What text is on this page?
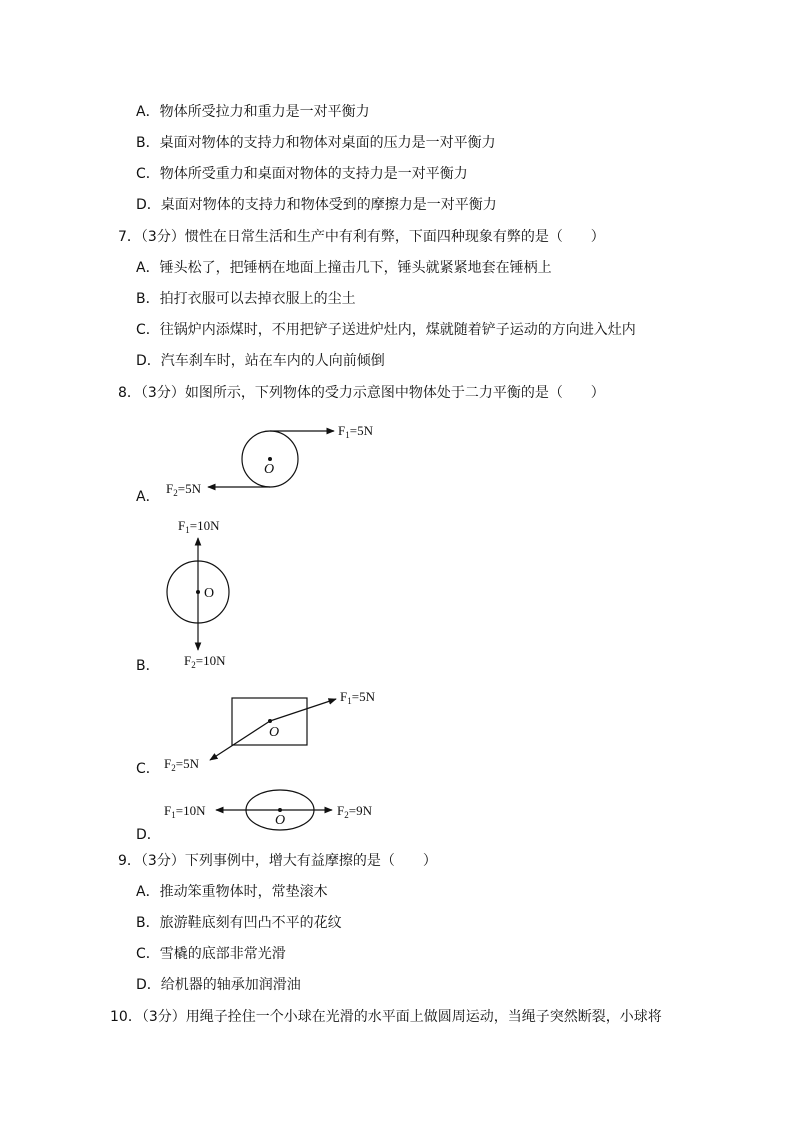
A．物体所受拉力和重力是一对平衡力
B．桌面对物体的支持力和物体对桌面的压力是一对平衡力
C．物体所受重力和桌面对物体的支持力是一对平衡力
D．桌面对物体的支持力和物体受到的摩擦力是一对平衡力
7．（3分）惯性在日常生活和生产中有利有弊，下面四种现象有弊的是（　　）
A．锤头松了，把锤柄在地面上撞击几下，锤头就紧紧地套在锤柄上
B．拍打衣服可以去掉衣服上的尘土
C．往锅炉内添煤时，不用把铲子送进炉灶内，煤就随着铲子运动的方向进入灶内
D．汽车刹车时，站在车内的人向前倾倒
8．（3分）如图所示，下列物体的受力示意图中物体处于二力平衡的是（　　）
A．
O
$F_1=5N$
$F_2=5N$
B．
O
$F_1=10N$
$F_2=10N$
C．
O
$F_1=5N$
$F_2=5N$
D．
O
$F_1=10N$	$F_2=9N$
9．（3分）下列事例中，增大有益摩擦的是（　　）
A．推动笨重物体时，常垫滚木
B．旅游鞋底刻有凹凸不平的花纹
C．雪橇的底部非常光滑
D．给机器的轴承加润滑油
10．（3分）用绳子拴住一个小球在光滑的水平面上做圆周运动，当绳子突然断裂，小球将
